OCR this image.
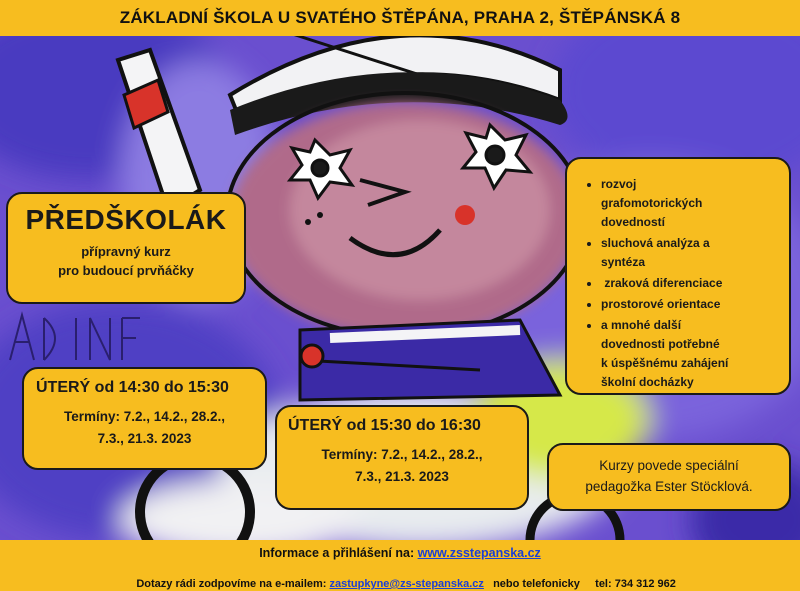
ZÁKLADNÍ ŠKOLA U SVATÉHO ŠTĚPÁNA, PRAHA 2, ŠTĚPÁNSKÁ 8
PŘEDŠKOLÁK
přípravný kurz
pro budoucí prvňáčky
ÚTERÝ od 14:30 do 15:30
Termíny: 7.2., 14.2., 28.2.,
7.3., 21.3. 2023
ÚTERÝ od 15:30 do 16:30
Termíny: 7.2., 14.2., 28.2.,
7.3., 21.3. 2023
• rozvoj
grafomotorických
dovedností
• sluchová analýza a
syntéza
•  zraková diferenciace
• prostorové orientace
• a mnohé další
dovednosti potřebné
k úspěšnému zahájení
školní docházky
Kurzy povede speciální
pedagožka Ester Stöcklová.
Informace a přihlášení na: www.zsstepanska.cz

Dotazy rádi zodpovíme na e-mailem: zastupkyne@zs-stepanska.cz   nebo telefonicky     tel: 734 312 962
